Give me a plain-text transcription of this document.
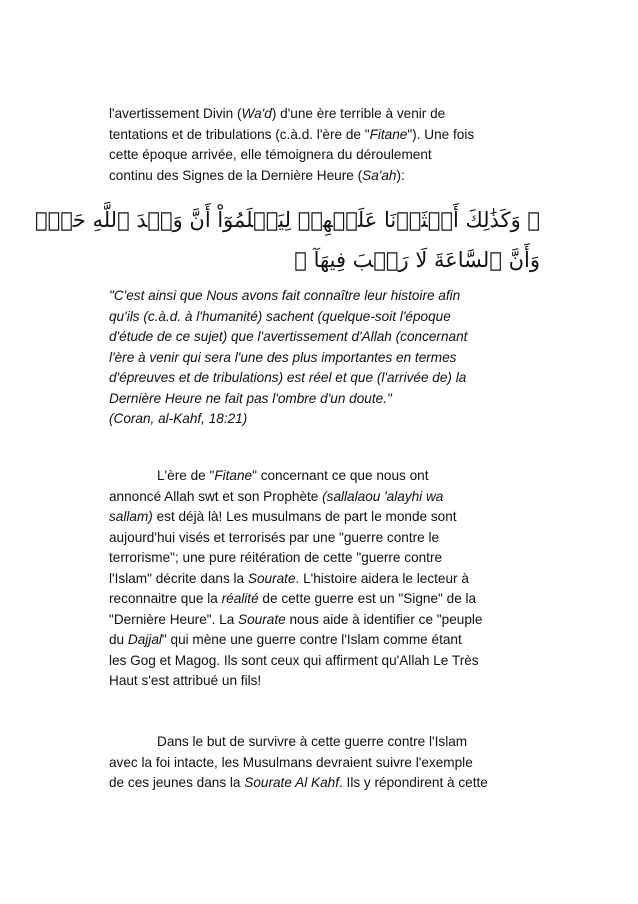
l'avertissement Divin (Wa'd) d'une ère terrible à venir de
tentations et de tribulations (c.à.d. l'ère de "Fitane"). Une fois
cette époque arrivée, elle témoignera du déroulement
continu des Signes de la Dernière Heure (Sa'ah):
﴿ وَكَذَٰلِكَ أَعۡثَرۡنَا عَلَيۡهِمۡ لِيَعۡلَمُوٓاْ أَنَّ وَعۡدَ ٱللَّهِ حَقّٞ
وَأَنَّ ٱلسَّاعَةَ لَا رَيۡبَ فِيهَآ ﴾
"C'est ainsi que Nous avons fait connaître leur histoire afin
qu'ils (c.à.d. à l'humanité) sachent (quelque-soit l'époque
d'étude de ce sujet) que l'avertissement d'Allah (concernant
l'ère à venir qui sera l'une des plus importantes en termes
d'épreuves et de tribulations) est réel et que (l'arrivée de) la
Dernière Heure ne fait pas l'ombre d'un doute."
(Coran, al-Kahf, 18:21)
L'ère de "Fitane" concernant ce que nous ont
annoncé Allah swt et son Prophète (sallalaou 'alayhi wa
sallam) est déjà là! Les musulmans de part le monde sont
aujourd'hui visés et terrorisés par une "guerre contre le
terrorisme"; une pure réitération de cette "guerre contre
l'Islam" décrite dans la Sourate. L'histoire aidera le lecteur à
reconnaitre que la réalité de cette guerre est un "Signe" de la
"Dernière Heure". La Sourate nous aide à identifier ce "peuple
du Dajjal" qui mène une guerre contre l'Islam comme étant
les Gog et Magog. Ils sont ceux qui affirment qu'Allah Le Très
Haut s'est attribué un fils!
Dans le but de survivre à cette guerre contre l'Islam
avec la foi intacte, les Musulmans devraient suivre l'exemple
de ces jeunes dans la Sourate Al Kahf. Ils y répondirent à cette
